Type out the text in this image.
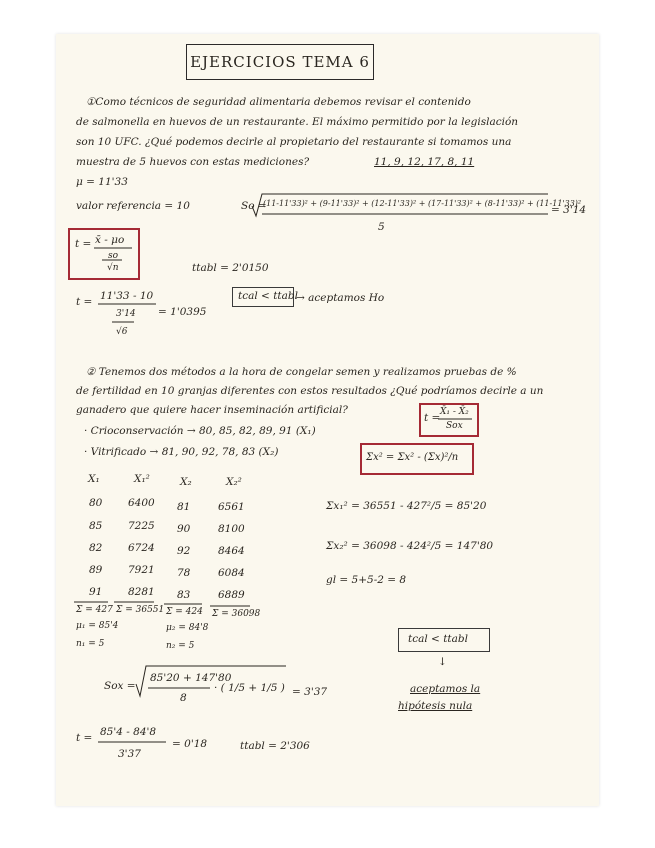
EJERCICIOS TEMA 6
①Como técnicos de seguridad alimentaria debemos revisar el contenido
de salmonella en huevos de un restaurante. El máximo permitido por la legislación
son 10 UFC. ¿Qué podemos decirle al propietario del restaurante si tomamos una
muestra de 5 huevos con estas mediciones?	11, 9, 12, 17, 8, 11
μ = 11'33
valor referencia = 10	So =
(11-11'33)² + (9-11'33)² + (12-11'33)² + (17-11'33)² + (8-11'33)² + (11-11'33)²
5
= 3'14
t = x̄ - μo
so
√n	ttabl = 2'0150
t = 11'33 - 10
3'14
√6
= 1'0395
tcal < ttabl
→ aceptamos Ho
② Tenemos dos métodos a la hora de congelar semen y realizamos pruebas de %
de fertilidad en 10 granjas diferentes con estos resultados ¿Qué podríamos decirle a un
ganadero que quiere hacer inseminación artificial?
t = X̄₁ - X̄₂
Sox
· Crioconservación → 80, 85, 82, 89, 91 (X₁)
· Vitrificado → 81, 90, 92, 78, 83 (X₂)	Σx² = Σx² - (Σx)²/n
X₁	X₁²	X₂	X₂²
80 6400 81	6561
85 7225 90	8100
82 6724 92	8464
89 7921 78	6084
91 8281 83	6889
Σ = 427 Σ = 36551 Σ = 424 Σ = 36098
μ₁ = 85'4
n₁ = 5
μ₂ = 84'8
n₂ = 5
Σx₁² = 36551 - 427²/5 = 85'20
Σx₂² = 36098 - 424²/5 = 147'80
gl = 5+5-2 = 8
tcal < ttabl
↓
aceptamos la
hipótesis nula
Sox =
85'20 + 147'80
8
· ( 1/5 + 1/5 ) = 3'37
t = 85'4 - 84'8
3'37
= 0'18	ttabl = 2'306
